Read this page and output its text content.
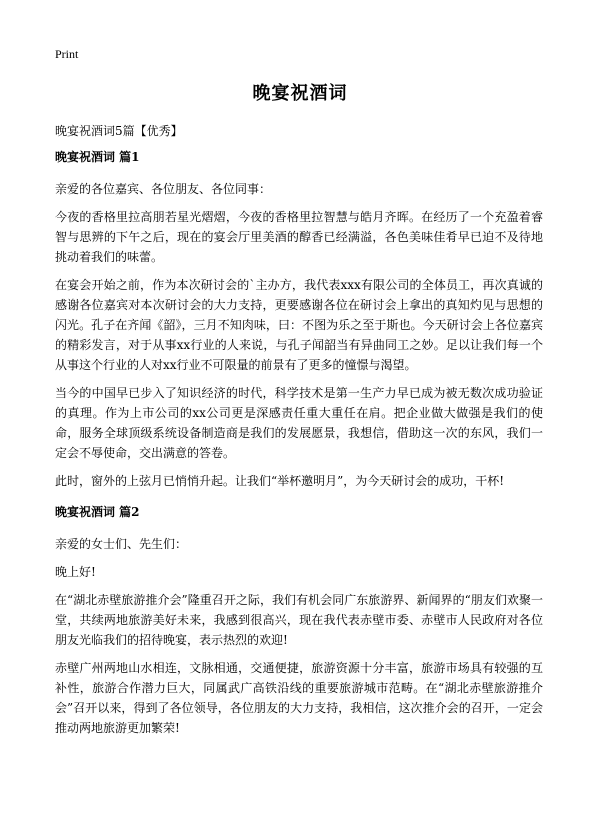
Print
晚宴祝酒词

晚宴祝酒词5篇【优秀】

晚宴祝酒词 篇1

亲爱的各位嘉宾、各位朋友、各位同事：

今夜的香格里拉高朋若星光熠熠，今夜的香格里拉智慧与皓月齐晖。在经历了一个充盈着睿智与思辨的下午之后，现在的宴会厅里美酒的醇香已经满溢，各色美味佳肴早已迫不及待地挑动着我们的味蕾。

在宴会开始之前，作为本次研讨会的`主办方，我代表xxx有限公司的全体员工，再次真诚的感谢各位嘉宾对本次研讨会的大力支持，更要感谢各位在研讨会上拿出的真知灼见与思想的闪光。孔子在齐闻《韶》，三月不知肉味，曰：不图为乐之至于斯也。今天研讨会上各位嘉宾的精彩发言，对于从事xx行业的人来说，与孔子闻韶当有异曲同工之妙。足以让我们每一个从事这个行业的人对xx行业不可限量的前景有了更多的憧憬与渴望。

当今的中国早已步入了知识经济的时代，科学技术是第一生产力早已成为被无数次成功验证的真理。作为上市公司的xx公司更是深感责任重大重任在肩。把企业做大做强是我们的使命，服务全球顶级系统设备制造商是我们的发展愿景，我想信，借助这一次的东风，我们一定会不辱使命，交出满意的答卷。

此时，窗外的上弦月已悄悄升起。让我们“举杯邀明月”，为今天研讨会的成功，干杯!

晚宴祝酒词 篇2

亲爱的女士们、先生们：

晚上好!

在“湖北赤壁旅游推介会”隆重召开之际，我们有机会同广东旅游界、新闻界的“朋友们欢聚一堂，共续两地旅游美好未来，我感到很高兴，现在我代表赤壁市委、赤壁市人民政府对各位朋友光临我们的招待晚宴，表示热烈的欢迎!

赤壁广州两地山水相连，文脉相通，交通便捷，旅游资源十分丰富，旅游市场具有较强的互补性，旅游合作潜力巨大，同属武广高铁沿线的重要旅游城市范畴。在“湖北赤壁旅游推介会”召开以来，得到了各位领导，各位朋友的大力支持，我相信，这次推介会的召开，一定会推动两地旅游更加繁荣!
